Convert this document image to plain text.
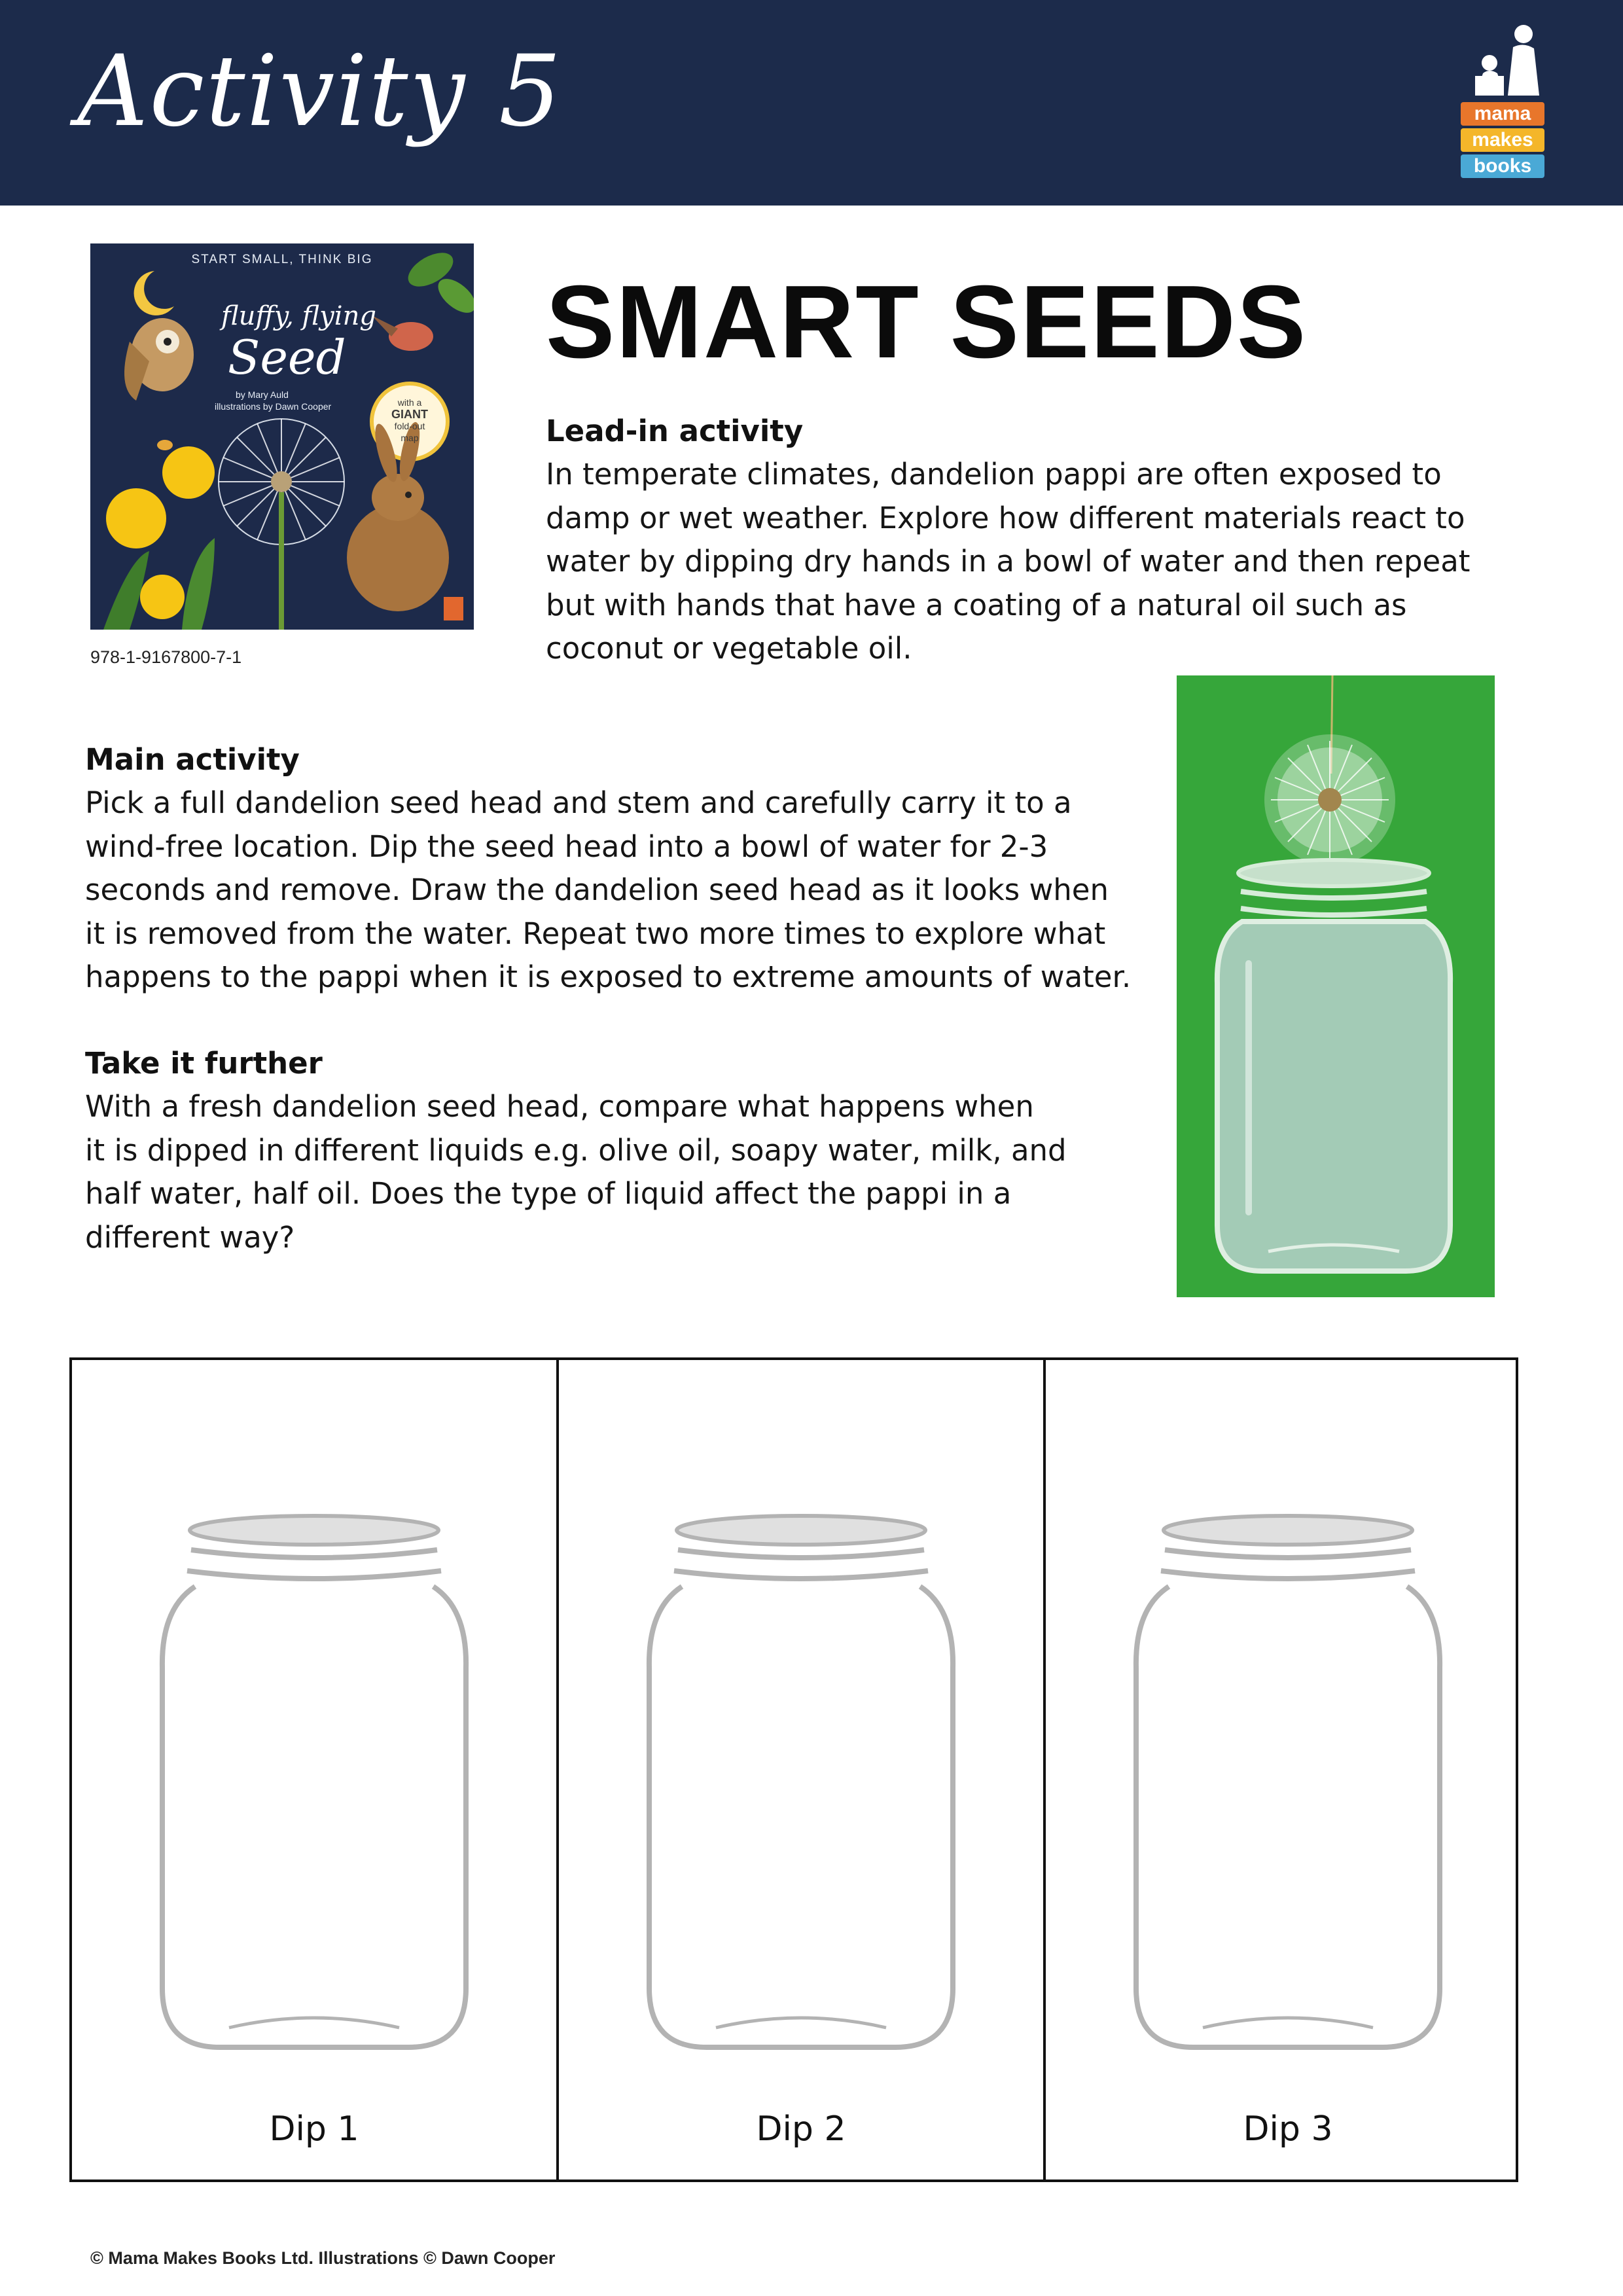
Activity 5	mama
makes
books
START SMALL, THINK BIG
fluffy, flying
Seed
by Mary Auld
illustrations by Dawn Cooper	with a
GIANT
fold-out
map
978-1-9167800-7-1
SMART SEEDS
Lead-in activity
In temperate climates, dandelion pappi are often exposed to
damp or wet weather. Explore how different materials react to
water by dipping dry hands in a bowl of water and then repeat
but with hands that have a coating of a natural oil such as
coconut or vegetable oil.
Main activity
Pick a full dandelion seed head and stem and carefully carry it to a
wind-free location. Dip the seed head into a bowl of water for 2-3
seconds and remove. Draw the dandelion seed head as it looks when
it is removed from the water. Repeat two more times to explore what
happens to the pappi when it is exposed to extreme amounts of water.
Take it further
With a fresh dandelion seed head, compare what happens when
it is dipped in different liquids e.g. olive oil, soapy water, milk, and
half water, half oil. Does the type of liquid affect the pappi in a
different way?
Dip 1	Dip 2	Dip 3
© Mama Makes Books Ltd. Illustrations © Dawn Cooper
